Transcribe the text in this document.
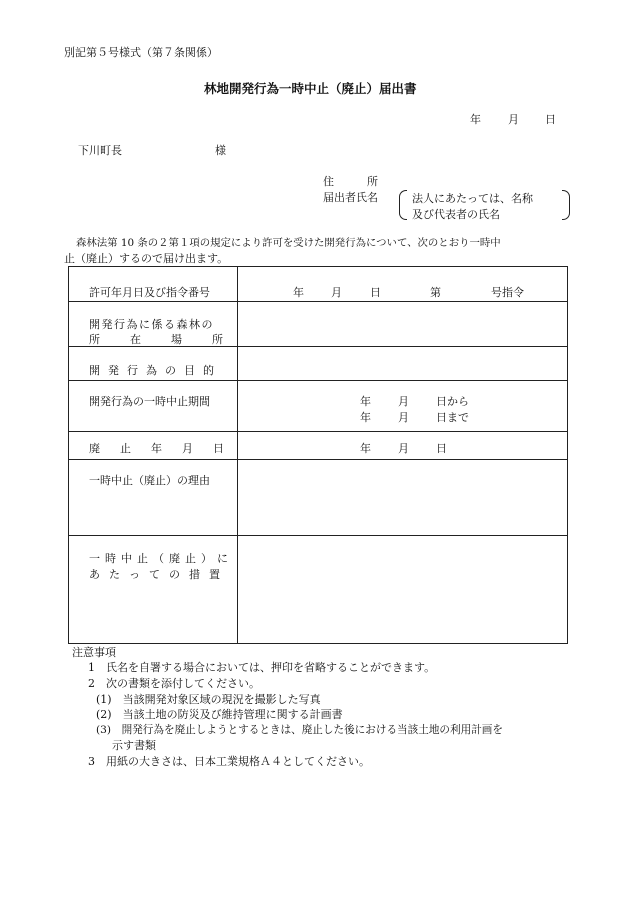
別記第５号様式（第７条関係）
林地開発行為一時中止（廃止）届出書
年 月 日
下川町長	様
住　　　所
届出者氏名	法人にあたっては、名称
及び代表者の氏名
森林法第 10 条の２第１項の規定により許可を受けた開発行為について、次のとおり一時中
止（廃止）するので届け出ます。
許可年月日及び指令番号	年 月	日	第	号指令
開発行為に係る森林の
所在場所
開発行為の目的
開発行為の一時中止期間	年 月 日から
年 月 日まで
廃止年月日	年 月 日
一時中止（廃止）の理由
一時中止（廃止）に
あたっての措置
注意事項
1　氏名を自署する場合においては、押印を省略することができます。
2　次の書類を添付してください。
(1)　当該開発対象区域の現況を撮影した写真
(2)　当該土地の防災及び維持管理に関する計画書
(3)　開発行為を廃止しようとするときは、廃止した後における当該土地の利用計画を
示す書類
3　用紙の大きさは、日本工業規格Ａ４としてください。
